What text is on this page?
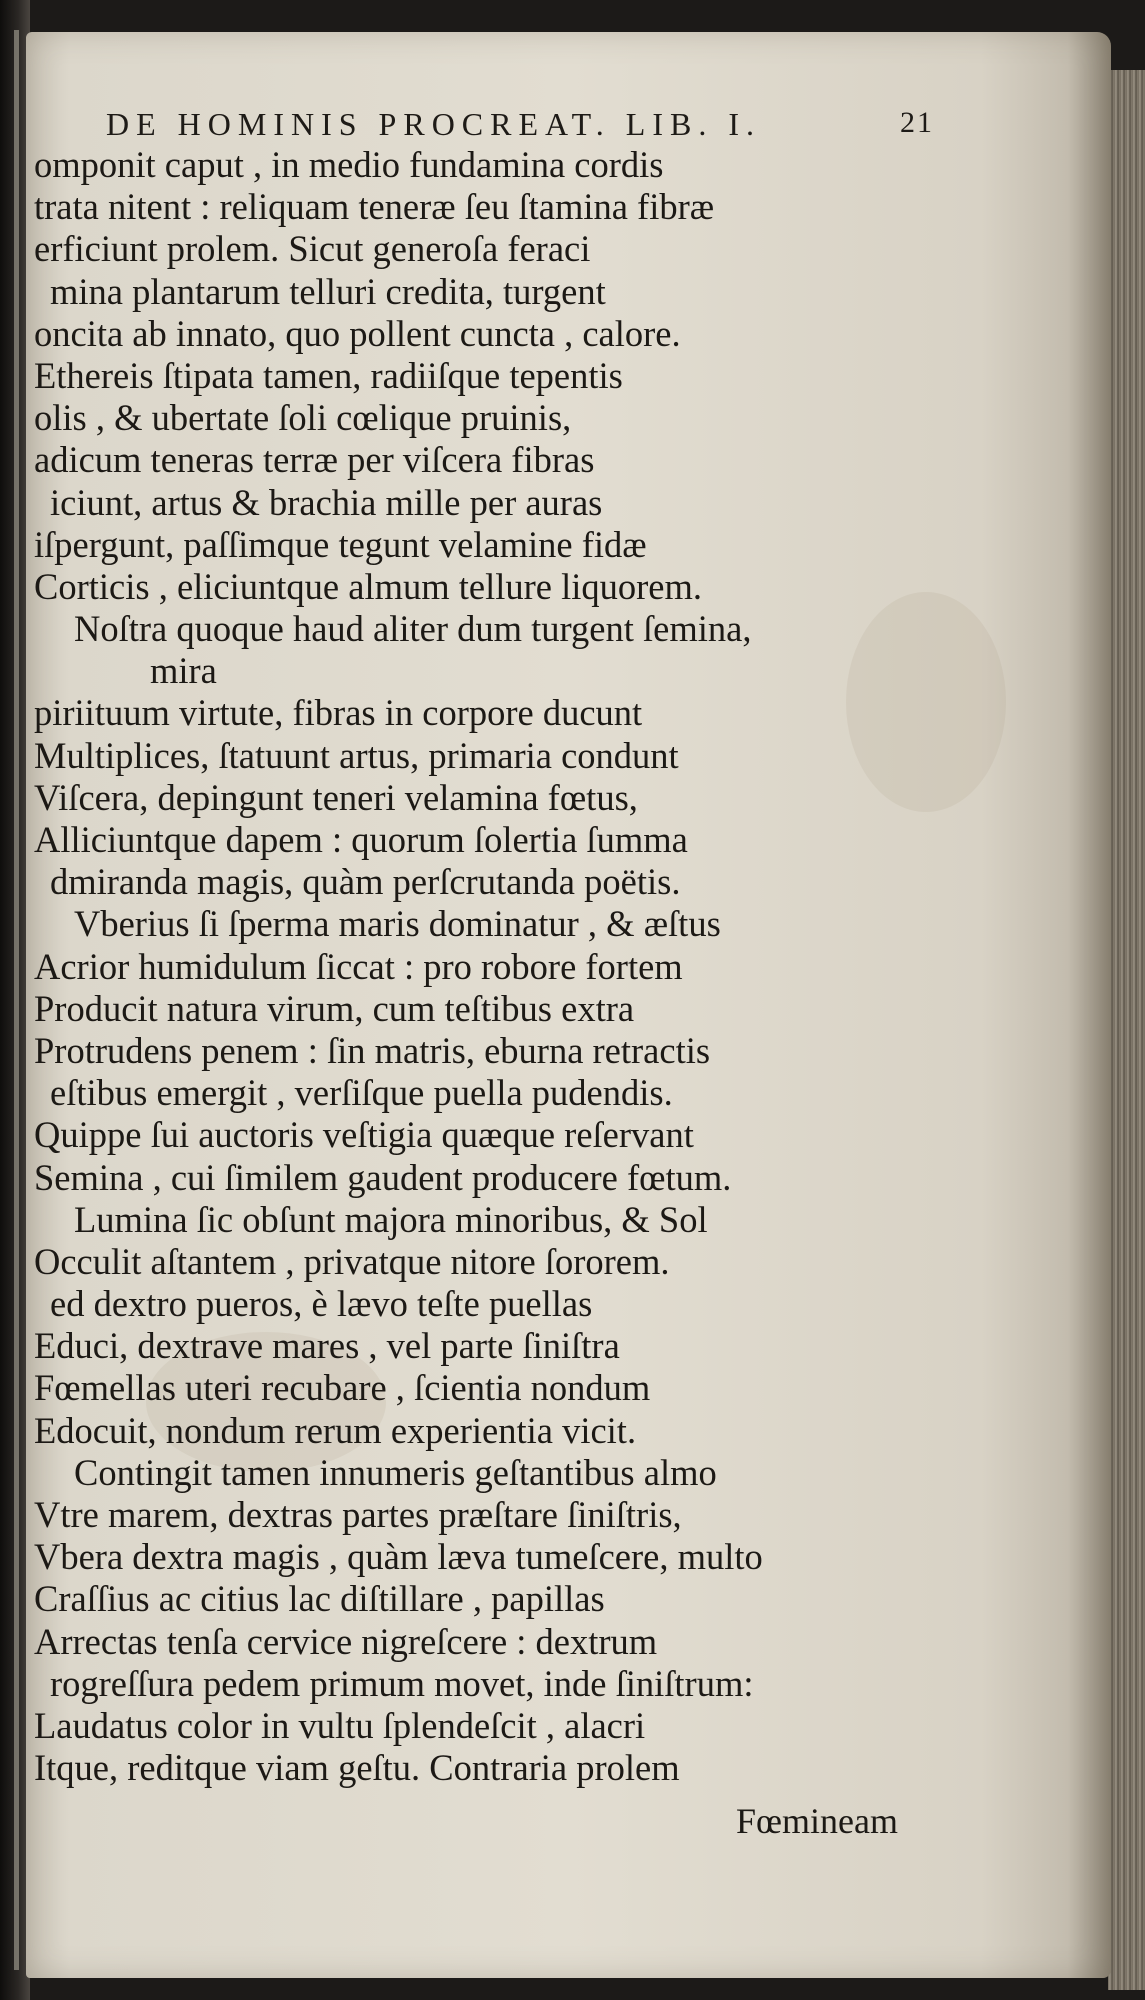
DE HOMINIS PROCREAT. LIB. I.	21
omponit caput , in medio fundamina cordis
trata nitent : reliquam teneræ ſeu ſtamina fibræ
erficiunt prolem. Sicut generoſa feraci
mina plantarum telluri credita, turgent
oncita ab innato, quo pollent cuncta , calore.
Ethereis ſtipata tamen, radiiſque tepentis
olis , & ubertate ſoli cœlique pruinis,
adicum teneras terræ per viſcera fibras
iciunt, artus & brachia mille per auras
iſpergunt, paſſimque tegunt velamine fidæ
Corticis , eliciuntque almum tellure liquorem.
Noſtra quoque haud aliter dum turgent ſemina,
mira
piriituum virtute, fibras in corpore ducunt
Multiplices, ſtatuunt artus, primaria condunt
Viſcera, depingunt teneri velamina fœtus,
Alliciuntque dapem : quorum ſolertia ſumma
dmiranda magis, quàm perſcrutanda poëtis.
Vberius ſi ſperma maris dominatur , & æſtus
Acrior humidulum ſiccat : pro robore fortem
Producit natura virum, cum teſtibus extra
Protrudens penem : ſin matris, eburna retractis
eſtibus emergit , verſiſque puella pudendis.
Quippe ſui auctoris veſtigia quæque reſervant
Semina , cui ſimilem gaudent producere fœtum.
Lumina ſic obſunt majora minoribus, & Sol
Occulit aſtantem , privatque nitore ſororem.
ed dextro pueros, è lævo teſte puellas
Educi, dextrave mares , vel parte ſiniſtra
Fœmellas uteri recubare , ſcientia nondum
Edocuit, nondum rerum experientia vicit.
Contingit tamen innumeris geſtantibus almo
Vtre marem, dextras partes præſtare ſiniſtris,
Vbera dextra magis , quàm læva tumeſcere, multo
Craſſius ac citius lac diſtillare , papillas
Arrectas tenſa cervice nigreſcere : dextrum
rogreſſura pedem primum movet, inde ſiniſtrum:
Laudatus color in vultu ſplendeſcit , alacri
Itque, reditque viam geſtu. Contraria prolem
Fœmineam
